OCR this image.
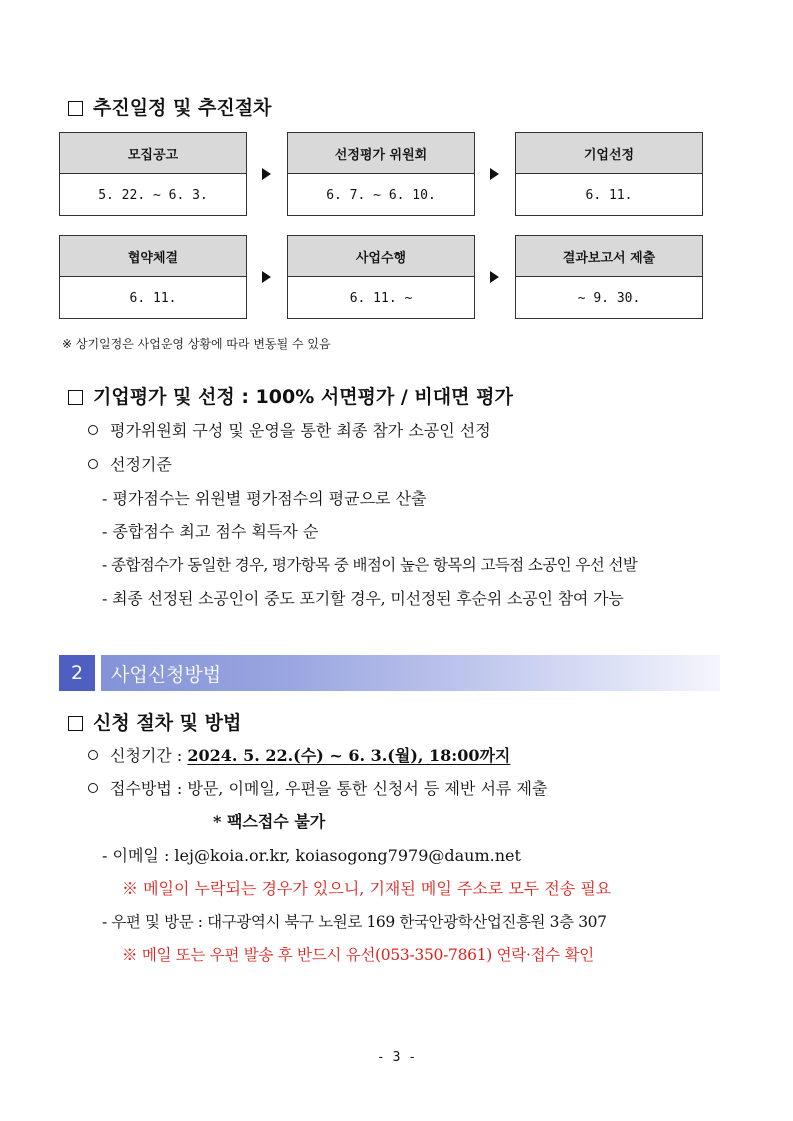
추진일정 및 추진절차
모집공고
5. 22. ~ 6. 3.
선정평가 위원회
6. 7. ~ 6. 10.
기업선정
6. 11.
협약체결
6. 11.
사업수행
6. 11. ~
결과보고서 제출
~ 9. 30.
※ 상기일정은 사업운영 상황에 따라 변동될 수 있음
기업평가 및 선정 : 100% 서면평가 / 비대면 평가
평가위원회 구성 및 운영을 통한 최종 참가 소공인 선정
선정기준
- 평가점수는 위원별 평가점수의 평균으로 산출
- 종합점수 최고 점수 획득자 순
- 종합점수가 동일한 경우, 평가항목 중 배점이 높은 항목의 고득점 소공인 우선 선발
- 최종 선정된 소공인이 중도 포기할 경우, 미선정된 후순위 소공인 참여 가능
2	사업신청방법
신청 절차 및 방법
신청기간 : 2024. 5. 22.(수) ~ 6. 3.(월), 18:00까지
접수방법 : 방문, 이메일, 우편을 통한 신청서 등 제반 서류 제출
* 팩스접수 불가
- 이메일 : lej@koia.or.kr, koiasogong7979@daum.net
※ 메일이 누락되는 경우가 있으니, 기재된 메일 주소로 모두 전송 필요
- 우편 및 방문 : 대구광역시 북구 노원로 169 한국안광학산업진흥원 3층 307
※ 메일 또는 우편 발송 후 반드시 유선(053-350-7861) 연락·접수 확인
- 3 -
